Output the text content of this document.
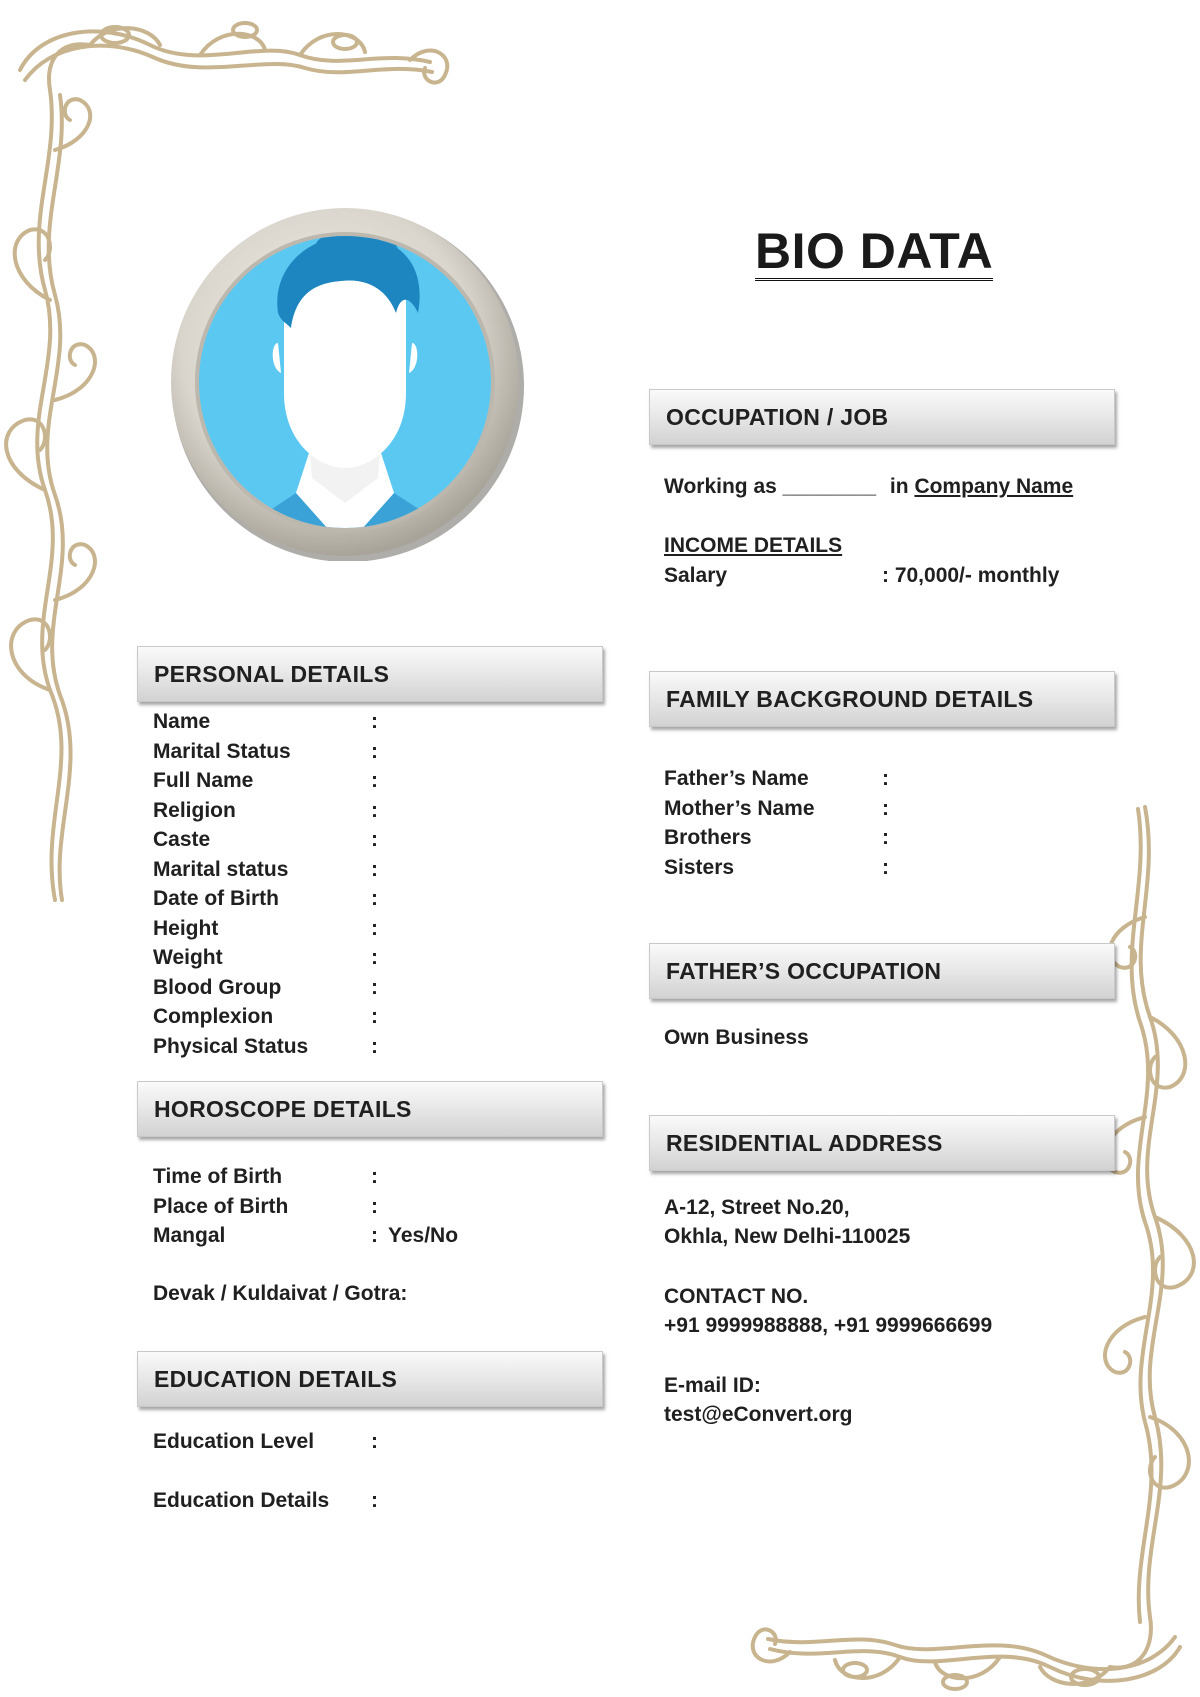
BIO DATA
OCCUPATION / JOB
Working as ________ in Company Name
INCOME DETAILS
Salary	: 70,000/- monthly
PERSONAL DETAILS
Name	:
Marital Status	:
Full Name	:
Religion	:
Caste	:
Marital status	:
Date of Birth	:
Height	:
Weight	:
Blood Group	:
Complexion	:
Physical Status	:
HOROSCOPE DETAILS
Time of Birth	:
Place of Birth	:
Mangal	: Yes/No
Devak / Kuldaivat / Gotra:
EDUCATION DETAILS
Education Level	:
Education Details :
FAMILY BACKGROUND DETAILS
Father’s Name	:
Mother’s Name	:
Brothers	:
Sisters	:
FATHER’S OCCUPATION
Own Business
RESIDENTIAL ADDRESS
A-12, Street No.20,
Okhla, New Delhi-110025
CONTACT NO.
+91 9999988888, +91 9999666699
E-mail ID:
test@eConvert.org
